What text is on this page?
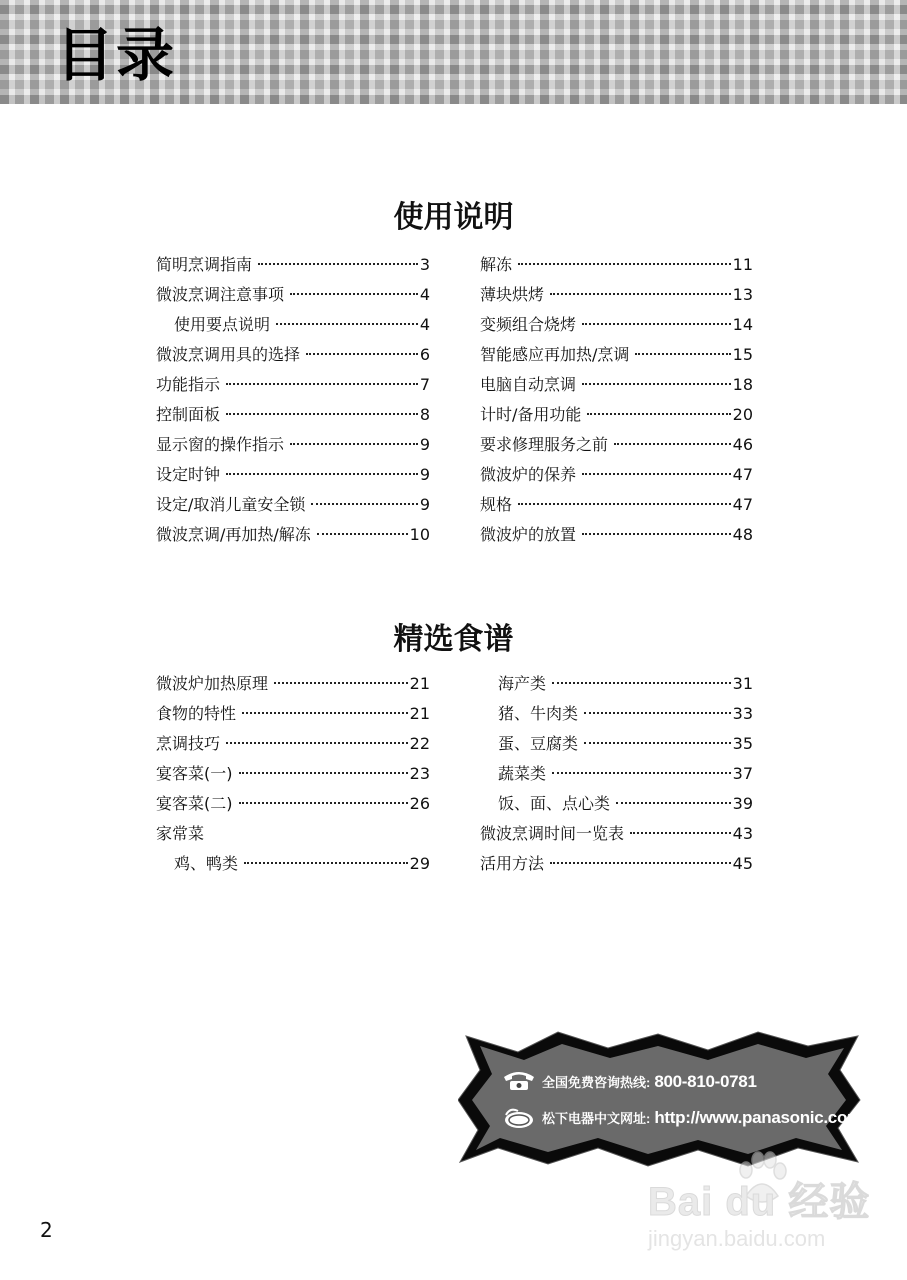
目录
使用说明
简明烹调指南	3
微波烹调注意事项	4
使用要点说明	4
微波烹调用具的选择	6
功能指示	7
控制面板	8
显示窗的操作指示	9
设定时钟	9
设定/取消儿童安全锁	9
微波烹调/再加热/解冻	10
解冻	11
薄块烘烤	13
变频组合烧烤	14
智能感应再加热/烹调	15
电脑自动烹调	18
计时/备用功能	20
要求修理服务之前	46
微波炉的保养	47
规格	47
微波炉的放置	48
精选食谱
微波炉加热原理	21
食物的特性	21
烹调技巧	22
宴客菜(一)	23
宴客菜(二)	26
家常菜
鸡、鸭类	29
海产类	31
猪、牛肉类	33
蛋、豆腐类	35
蔬菜类	37
饭、面、点心类	39
微波烹调时间一览表	43
活用方法	45
全国免费咨询热线: 800-810-0781
松下电器中文网址: http://www.panasonic.com.cn
2
Bai du 经验
jingyan.baidu.com
